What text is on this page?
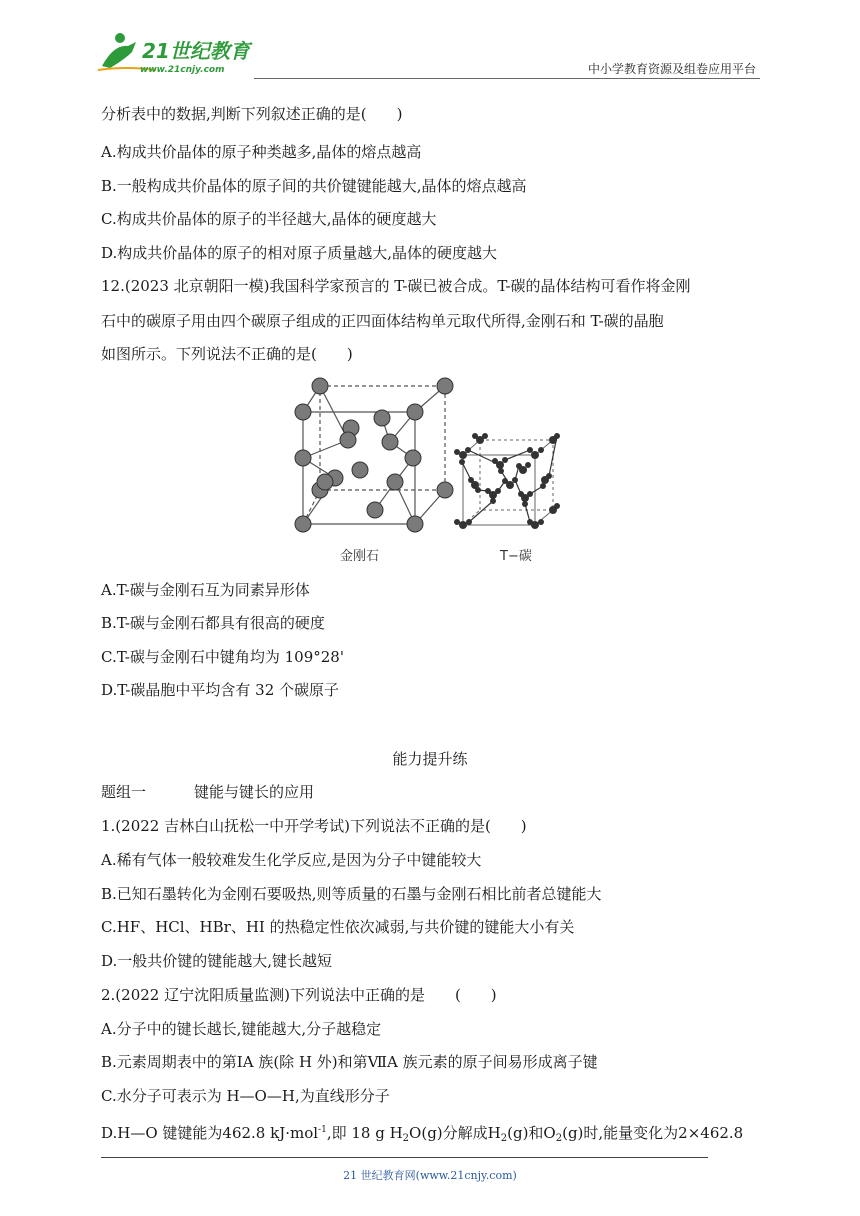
21世纪教育
www.21cnjy.com	中小学教育资源及组卷应用平台
分析表中的数据,判断下列叙述正确的是(　　)
A.构成共价晶体的原子种类越多,晶体的熔点越高
B.一般构成共价晶体的原子间的共价键键能越大,晶体的熔点越高
C.构成共价晶体的原子的半径越大,晶体的硬度越大
D.构成共价晶体的原子的相对原子质量越大,晶体的硬度越大
12.(2023 北京朝阳一模)我国科学家预言的 T-碳已被合成。T-碳的晶体结构可看作将金刚
石中的碳原子用由四个碳原子组成的正四面体结构单元取代所得,金刚石和 T-碳的晶胞
如图所示。下列说法不正确的是(　　)
金刚石	T−碳
A.T-碳与金刚石互为同素异形体
B.T-碳与金刚石都具有很高的硬度
C.T-碳与金刚石中键角均为 109°28'
D.T-碳晶胞中平均含有 32 个碳原子
能力提升练
题组一	键能与键长的应用
1.(2022 吉林白山抚松一中开学考试)下列说法不正确的是(　　)
A.稀有气体一般较难发生化学反应,是因为分子中键能较大
B.已知石墨转化为金刚石要吸热,则等质量的石墨与金刚石相比前者总键能大
C.HF、HCl、HBr、HI 的热稳定性依次减弱,与共价键的键能大小有关
D.一般共价键的键能越大,键长越短
2.(2022 辽宁沈阳质量监测)下列说法中正确的是　　(　　)
A.分子中的键长越长,键能越大,分子越稳定
B.元素周期表中的第ⅠA 族(除 H 外)和第ⅦA 族元素的原子间易形成离子键
C.水分子可表示为 H—O—H,为直线形分子
D.H—O 键键能为462.8 kJ·mol$^{-1}$,即 18 g $H_2O(g)$分解成$H_2(g)$和$O_2(g)$时,能量变化为2×462.8
21 世纪教育网(www.21cnjy.com)
